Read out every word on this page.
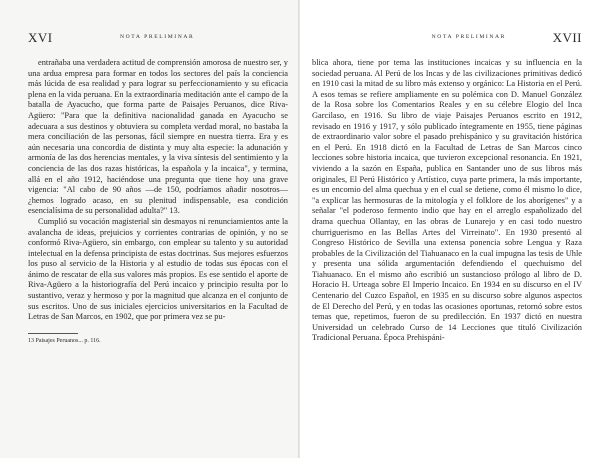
XVI	NOTA PRELIMINAR

entrañaba una verdadera actitud de comprensión amorosa de nuestro ser, y una ardua empresa para formar en todos los sectores del país la conciencia más lúcida de esa realidad y para lograr su perfeccionamiento y su eficacia plena en la vida peruana. En la extraordinaria meditación ante el campo de la batalla de Ayacucho, que forma parte de Paisajes Peruanos, dice Riva-Agüero: "Para que la definitiva nacionalidad ganada en Ayacucho se adecuara a sus destinos y obtuviera su completa verdad moral, no bastaba la mera conciliación de las personas, fácil siempre en nuestra tierra. Era y es aún necesaria una concordia de distinta y muy alta especie: la adunación y armonía de las dos herencias mentales, y la viva síntesis del sentimiento y la conciencia de las dos razas históricas, la española y la incaica", y termina, allá en el año 1912, haciéndose una pregunta que tiene hoy una grave vigencia: "Al cabo de 90 años —de 150, podríamos añadir nosotros— ¿hemos logrado acaso, en su plenitud indispensable, esa condición esencialísima de su personalidad adulta?" 13.

Cumplió su vocación magisterial sin desmayos ni renunciamientos ante la avalancha de ideas, prejuicios y corrientes contrarias de opinión, y no se conformó Riva-Agüero, sin embargo, con emplear su talento y su autoridad intelectual en la defensa principista de estas doctrinas. Sus mejores esfuerzos los puso al servicio de la Historia y al estudio de todas sus épocas con el ánimo de rescatar de ella sus valores más propios. Es ese sentido el aporte de Riva-Agüero a la historiografía del Perú incaico y principio resulta por lo sustantivo, veraz y hermoso y por la magnitud que alcanza en el conjunto de sus escritos. Uno de sus iniciales ejercicios universitarios en la Facultad de Letras de San Marcos, en 1902, que por primera vez se pu-

13 Paisajes Peruanos... p. 116.
NOTA PRELIMINAR	XVII

blica ahora, tiene por tema las instituciones incaicas y su influencia en la sociedad peruana. Al Perú de los Incas y de las civilizaciones primitivas dedicó en 1910 casi la mitad de su libro más extenso y orgánico: La Historia en el Perú. A esos temas se refiere ampliamente en su polémica con D. Manuel González de la Rosa sobre los Comentarios Reales y en su célebre Elogio del Inca Garcilaso, en 1916. Su libro de viaje Paisajes Peruanos escrito en 1912, revisado en 1916 y 1917, y sólo publicado íntegramente en 1955, tiene páginas de extraordinario valor sobre el pasado prehispánico y su gravitación histórica en el Perú. En 1918 dictó en la Facultad de Letras de San Marcos cinco lecciones sobre historia incaica, que tuvieron excepcional resonancia. En 1921, viviendo a la sazón en España, publica en Santander uno de sus libros más originales, El Perú Histórico y Artístico, cuya parte primera, la más importante, es un encomio del alma quechua y en el cual se detiene, como él mismo lo dice, "a explicar las hermosuras de la mitología y el folklore de los aborígenes" y a señalar "el poderoso fermento indio que hay en el arreglo españolizado del drama quechua Ollantay, en las obras de Lunarejo y en casi todo nuestro churriguerismo en las Bellas Artes del Virreinato". En 1930 presentó al Congreso Histórico de Sevilla una extensa ponencia sobre Lengua y Raza probables de la Civilización del Tiahuanaco en la cual impugna las tesis de Uhle y presenta una sólida argumentación defendiendo el quechuismo del Tiahuanaco. En el mismo año escribió un sustancioso prólogo al libro de D. Horacio H. Urteaga sobre El Imperio Incaico. En 1934 en su discurso en el IV Centenario del Cuzco Español, en 1935 en su discurso sobre algunos aspectos de El Derecho del Perú, y en todas las ocasiones oportunas, retornó sobre estos temas que, repetimos, fueron de su predilección. En 1937 dictó en nuestra Universidad un celebrado Curso de 14 Lecciones que tituló Civilización Tradicional Peruana. Época Prehispáni-
